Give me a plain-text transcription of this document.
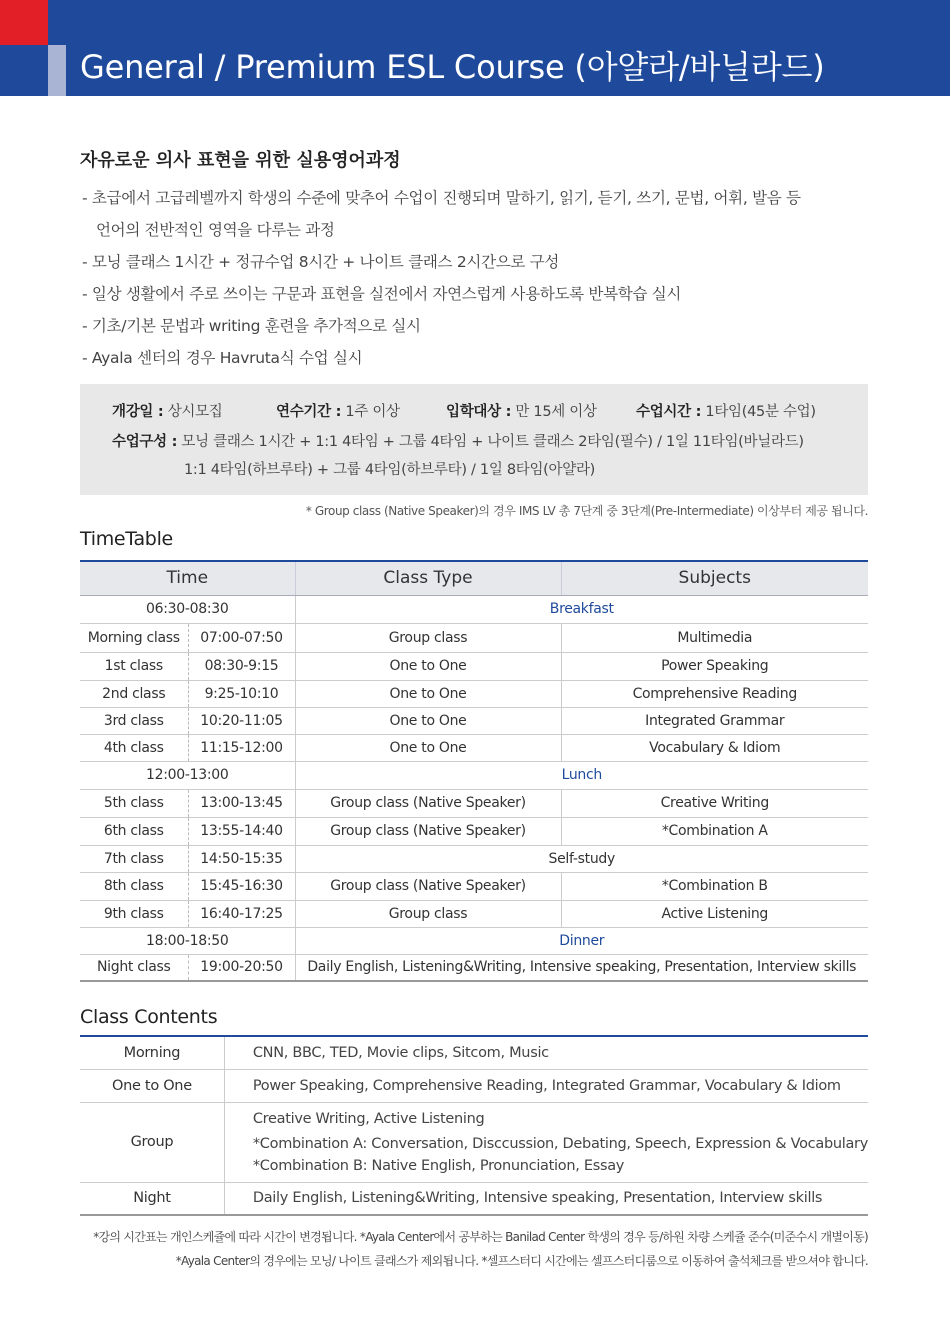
General / Premium ESL Course (아얄라/바닐라드)
자유로운 의사 표현을 위한 실용영어과정
- 초급에서 고급레벨까지 학생의 수준에 맞추어 수업이 진행되며 말하기, 읽기, 듣기, 쓰기, 문법, 어휘, 발음 등
언어의 전반적인 영역을 다루는 과정
- 모닝 클래스 1시간 + 정규수업 8시간 + 나이트 클래스 2시간으로 구성
- 일상 생활에서 주로 쓰이는 구문과 표현을 실전에서 자연스럽게 사용하도록 반복학습 실시
- 기초/기본 문법과 writing 훈련을 추가적으로 실시
- Ayala 센터의 경우 Havruta식 수업 실시
개강일 : 상시모집	연수기간 : 1주 이상	입학대상 : 만 15세 이상	수업시간 : 1타임(45분 수업)
수업구성 : 모닝 클래스 1시간 + 1:1 4타임 + 그룹 4타임 + 나이트 클래스 2타임(필수) / 1일 11타임(바닐라드)
1:1 4타임(하브루타) + 그룹 4타임(하브루타) / 1일 8타임(아얄라)
* Group class (Native Speaker)의 경우 IMS LV 총 7단계 중 3단계(Pre-Intermediate) 이상부터 제공 됩니다.
TimeTable
Time		Class Type	Subjects
06:30-08:30		Breakfast	
Morning class	07:00-07:50	Group class	Multimedia
1st class	08:30-9:15	One to One	Power Speaking
2nd class	9:25-10:10	One to One	Comprehensive Reading
3rd class	10:20-11:05	One to One	Integrated Grammar
4th class	11:15-12:00	One to One	Vocabulary & Idiom
12:00-13:00		Lunch	
5th class	13:00-13:45	Group class (Native Speaker)	Creative Writing
6th class	13:55-14:40	Group class (Native Speaker)	*Combination A
7th class	14:50-15:35	Self-study	
8th class	15:45-16:30	Group class (Native Speaker)	*Combination B
9th class	16:40-17:25	Group class	Active Listening
18:00-18:50		Dinner	
Night class	19:00-20:50	Daily English, Listening&Writing, Intensive speaking, Presentation, Interview skills	
Class Contents
Morning	CNN, BBC, TED, Movie clips, Sitcom, Music
One to One	Power Speaking, Comprehensive Reading, Integrated Grammar, Vocabulary & Idiom
Group	Creative Writing, Active Listening
*Combination A: Conversation, Disccussion, Debating, Speech, Expression & Vocabulary
*Combination B: Native English, Pronunciation, Essay

Night	Daily English, Listening&Writing, Intensive speaking, Presentation, Interview skills
*강의 시간표는 개인스케쥴에 따라 시간이 변경됩니다. *Ayala Center에서 공부하는 Banilad Center 학생의 경우 등/하원 차량 스케쥴 준수(미준수시 개별이동)
*Ayala Center의 경우에는 모닝/ 나이트 클래스가 제외됩니다. *셀프스터디 시간에는 셀프스터디룸으로 이동하여 출석체크를 받으셔야 합니다.
